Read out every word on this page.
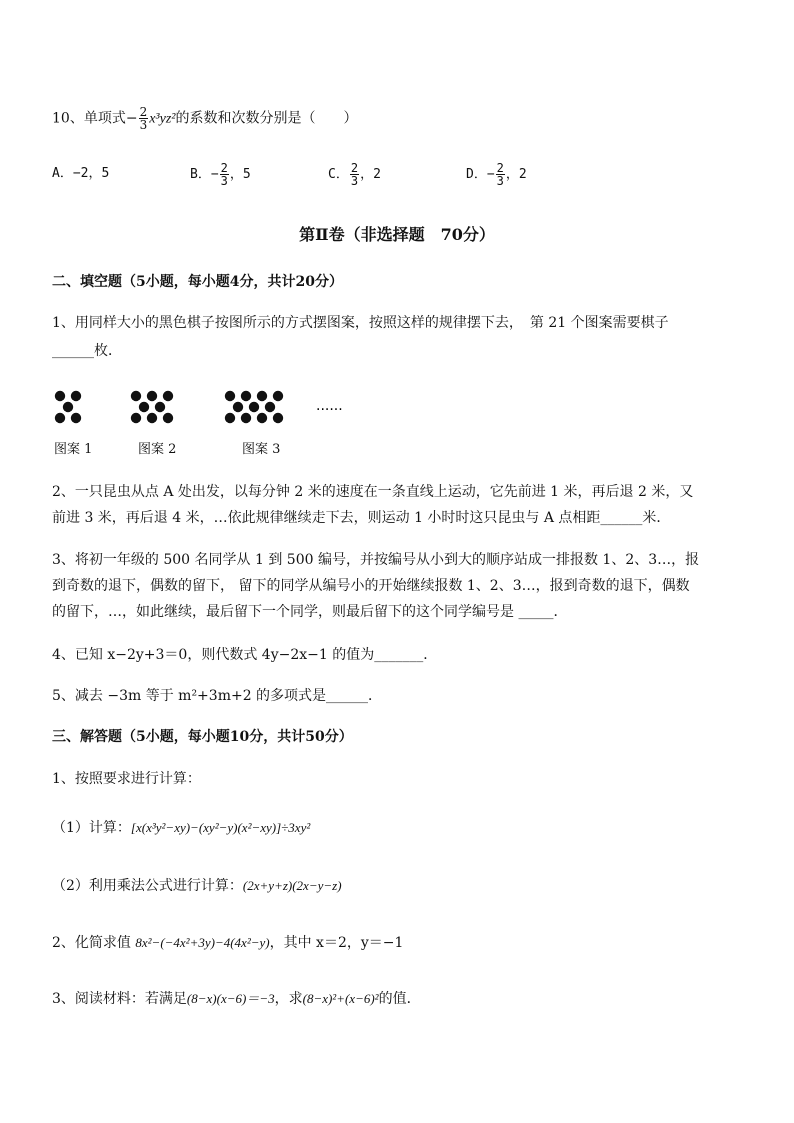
10、单项式− $\frac{2}{3} x^3yz^2$的系数和次数分别是（　　）
A．−2，5	B．− $\frac{2}{3}$ ，5	C． $\frac{2}{3}$ ，2	D．− $\frac{2}{3}$ ，2
第Ⅱ卷（非选择题　70分）
二、填空题（5小题，每小题4分，共计20分）
1、用同样大小的黑色棋子按图所示的方式摆图案，按照这样的规律摆下去，　第 21 个图案需要棋子
______枚．
······
图案 1	图案 2	图案 3
2、一只昆虫从点 A 处出发，以每分钟 2 米的速度在一条直线上运动，它先前进 1 米，再后退 2 米，又
前进 3 米，再后退 4 米，…依此规律继续走下去，则运动 1 小时时这只昆虫与 A 点相距______米．
3、将初一年级的 500 名同学从 1 到 500 编号，并按编号从小到大的顺序站成一排报数 1、2、3…，报
到奇数的退下，偶数的留下， 留下的同学从编号小的开始继续报数 1、2、3…，报到奇数的退下，偶数
的留下，…，如此继续，最后留下一个同学，则最后留下的这个同学编号是 _____．
4、已知 x−2y+3＝0，则代数式 4y−2x−1 的值为_______．
5、减去 −3m 等于 m²+3m+2 的多项式是______．
三、解答题（5小题，每小题10分，共计50分）
1、按照要求进行计算：
（1）计算：[x(x³y²−xy)−(xy²−y)(x²−xy)]÷3xy²
（2）利用乘法公式进行计算：(2x+y+z)(2x−y−z)
2、化简求值 8x²−(−4x²+3y)−4(4x²−y)，其中 x＝2，y＝−1
3、阅读材料：若满足(8−x)(x−6)＝−3，求(8−x)²+(x−6)²的值．
